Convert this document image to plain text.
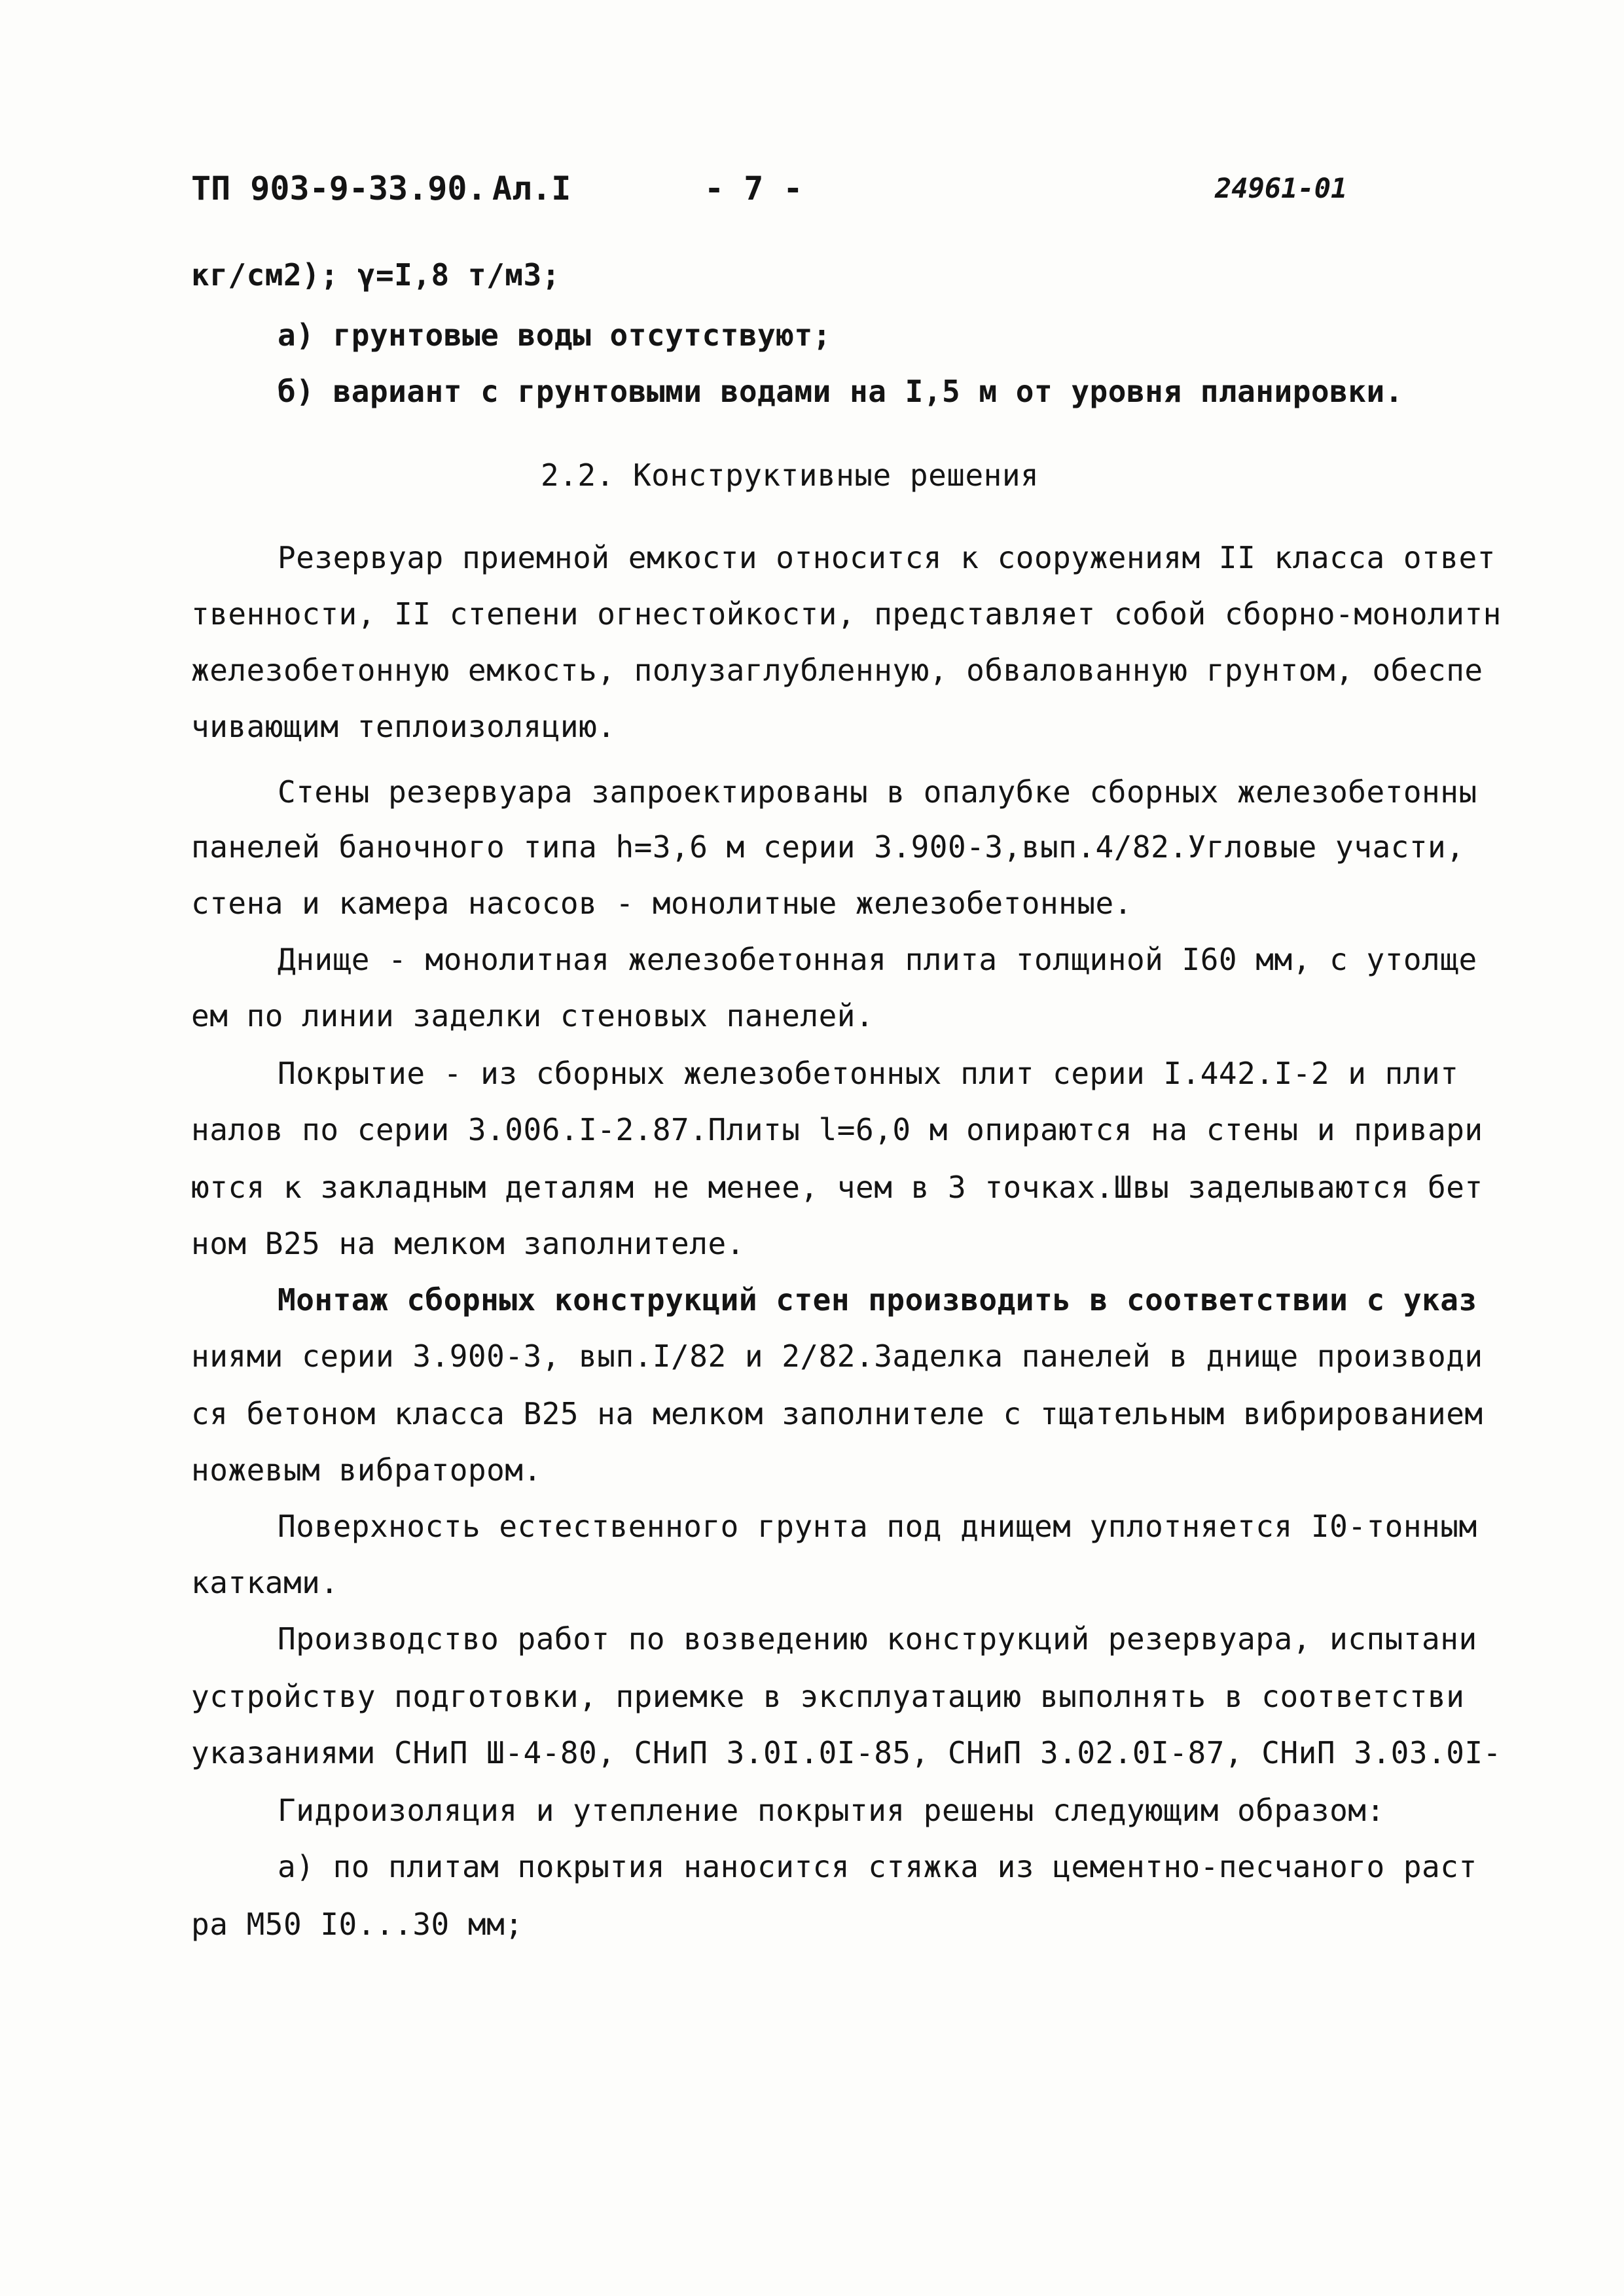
ТП 903-9-33.90. Ал.I	- 7 -	24961-01
кг/см2); γ=I,8 т/м3;
а) грунтовые воды отсутствуют;
б) вариант с грунтовыми водами на I,5 м от уровня планировки.
2.2. Конструктивные решения
Резервуар приемной емкости относится к сооружениям II класса ответ
твенности, II степени огнестойкости, представляет собой сборно-монолитн
железобетонную емкость, полузаглубленную, обвалованную грунтом, обеспе
чивающим теплоизоляцию.
Стены резервуара запроектированы в опалубке сборных железобетонны
панелей баночного типа h=3,6 м серии 3.900-3,вып.4/82.Угловые участи,
стена и камера насосов - монолитные железобетонные.
Днище - монолитная железобетонная плита толщиной I60 мм, с утолще
ем по линии заделки стеновых панелей.
Покрытие - из сборных железобетонных плит серии I.442.I-2 и плит
налов по серии 3.006.I-2.87.Плиты l=6,0 м опираются на стены и привари
ются к закладным деталям не менее, чем в 3 точках.Швы заделываются бет
ном В25 на мелком заполнителе.
Монтаж сборных конструкций стен производить в соответствии с указ
ниями серии 3.900-3, вып.I/82 и 2/82.Заделка панелей в днище производи
ся бетоном класса В25 на мелком заполнителе с тщательным вибрированием
ножевым вибратором.
Поверхность естественного грунта под днищем уплотняется I0-тонным
катками.
Производство работ по возведению конструкций резервуара, испытани
устройству подготовки, приемке в эксплуатацию выполнять в соответстви
указаниями СНиП Ш-4-80, СНиП 3.0I.0I-85, СНиП 3.02.0I-87, СНиП 3.03.0I-
Гидроизоляция и утепление покрытия решены следующим образом:
а) по плитам покрытия наносится стяжка из цементно-песчаного раст
ра М50 I0...30 мм;
